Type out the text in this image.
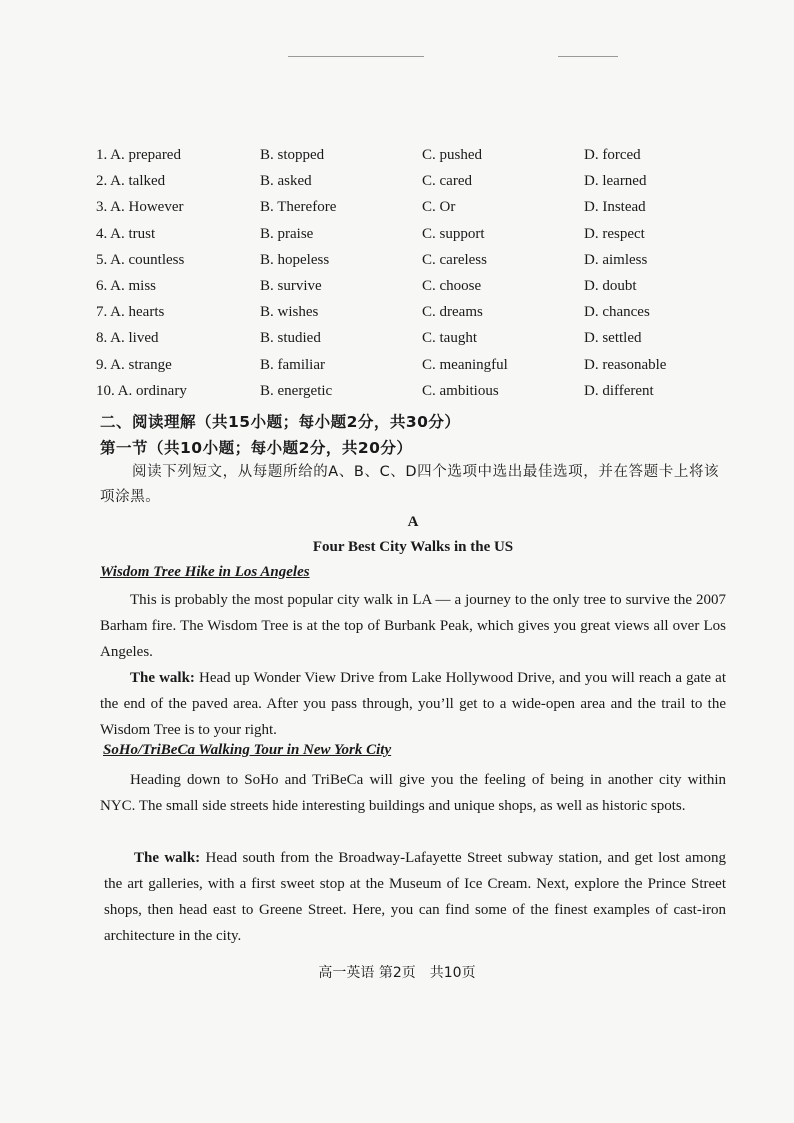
1. A. prepared	B. stopped	C. pushed	D. forced
2. A. talked	B. asked	C. cared	D. learned
3. A. However	B. Therefore	C. Or	D. Instead
4. A. trust	B. praise	C. support	D. respect
5. A. countless	B. hopeless	C. careless	D. aimless
6. A. miss	B. survive	C. choose	D. doubt
7. A. hearts	B. wishes	C. dreams	D. chances
8. A. lived	B. studied	C. taught	D. settled
9. A. strange	B. familiar	C. meaningful	D. reasonable
10. A. ordinary	B. energetic	C. ambitious	D. different
二、阅读理解（共15小题；每小题2分，共30分）
第一节（共10小题；每小题2分，共20分）
阅读下列短文，从每题所给的A、B、C、D四个选项中选出最佳选项，并在答题卡上将该项涂黑。
A
Four Best City Walks in the US
Wisdom Tree Hike in Los Angeles
This is probably the most popular city walk in LA — a journey to the only tree to survive the 2007 Barham fire. The Wisdom Tree is at the top of Burbank Peak, which gives you great views all over Los Angeles.
The walk: Head up Wonder View Drive from Lake Hollywood Drive, and you will reach a gate at the end of the paved area. After you pass through, you’ll get to a wide-open area and the trail to the Wisdom Tree is to your right.
SoHo/TriBeCa Walking Tour in New York City
Heading down to SoHo and TriBeCa will give you the feeling of being in another city within NYC. The small side streets hide interesting buildings and unique shops, as well as historic spots.
The walk: Head south from the Broadway-Lafayette Street subway station, and get lost among the art galleries, with a first sweet stop at the Museum of Ice Cream. Next, explore the Prince Street shops, then head east to Greene Street. Here, you can find some of the finest examples of cast-iron architecture in the city.
高一英语 第2页　共10页
